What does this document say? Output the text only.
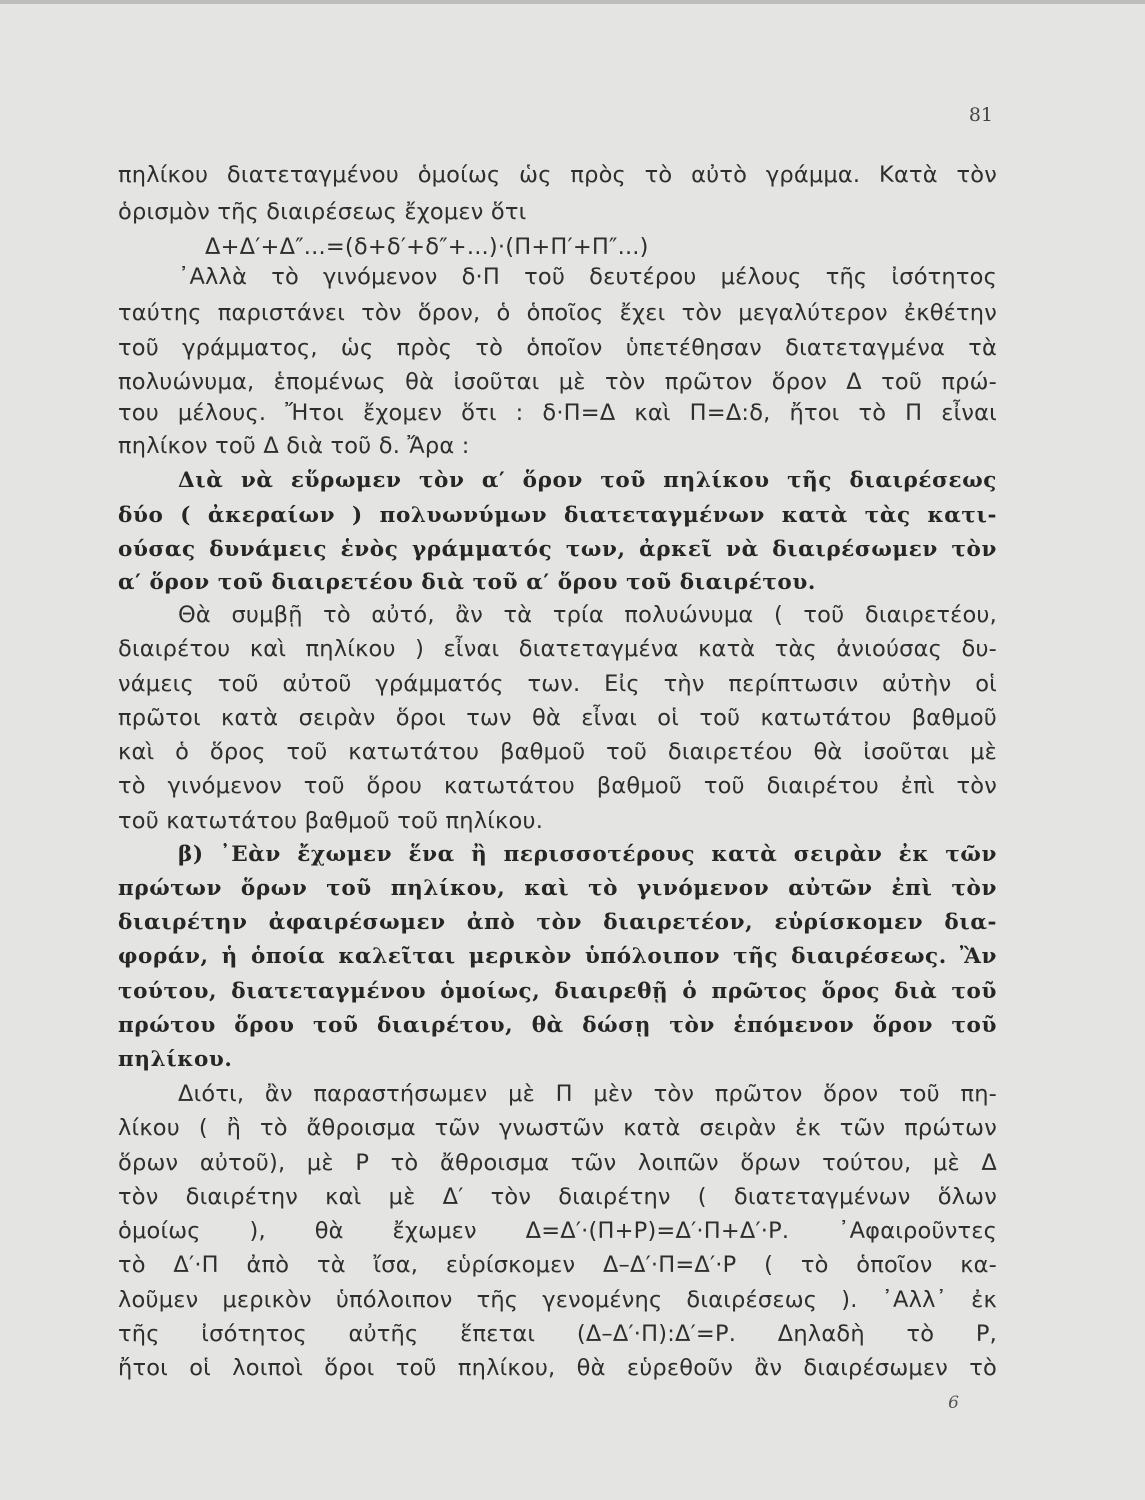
81
πηλίκου διατεταγμένου ὁμοίως ὡς πρὸς τὸ αὐτὸ γράμμα. Κατὰ τὸν
ὁρισμὸν τῆς διαιρέσεως ἔχομεν ὅτι
Δ+Δ′+Δ″...=(δ+δ′+δ″+...)·(Π+Π′+Π″...)
᾿Αλλὰ τὸ γινόμενον δ·Π τοῦ δευτέρου μέλους τῆς ἰσότητος
ταύτης παριστάνει τὸν ὅρον, ὁ ὁποῖος ἔχει τὸν μεγαλύτερον ἐκθέτην
τοῦ γράμματος, ὡς πρὸς τὸ ὁποῖον ὑπετέθησαν διατεταγμένα τὰ
πολυώνυμα, ἑπομένως θὰ ἰσοῦται μὲ τὸν πρῶτον ὅρον Δ τοῦ πρώ-
του μέλους. Ἤτοι ἔχομεν ὅτι : δ·Π=Δ καὶ Π=Δ:δ, ἤτοι τὸ Π εἶναι
πηλίκον τοῦ Δ διὰ τοῦ δ. Ἄρα :
Διὰ νὰ εὕρωμεν τὸν α′ ὅρον τοῦ πηλίκου τῆς διαιρέσεως
δύο ( ἀκεραίων ) πολυωνύμων διατεταγμένων κατὰ τὰς κατι-
ούσας δυνάμεις ἑνὸς γράμματός των, ἀρκεῖ νὰ διαιρέσωμεν τὸν
α′ ὅρον τοῦ διαιρετέου διὰ τοῦ α′ ὅρου τοῦ διαιρέτου.
Θὰ συμβῇ τὸ αὐτό, ἂν τὰ τρία πολυώνυμα ( τοῦ διαιρετέου,
διαιρέτου καὶ πηλίκου ) εἶναι διατεταγμένα κατὰ τὰς ἀνιούσας δυ-
νάμεις τοῦ αὐτοῦ γράμματός των. Εἰς τὴν περίπτωσιν αὐτὴν οἱ
πρῶτοι κατὰ σειρὰν ὅροι των θὰ εἶναι οἱ τοῦ κατωτάτου βαθμοῦ
καὶ ὁ ὅρος τοῦ κατωτάτου βαθμοῦ τοῦ διαιρετέου θὰ ἰσοῦται μὲ
τὸ γινόμενον τοῦ ὅρου κατωτάτου βαθμοῦ τοῦ διαιρέτου ἐπὶ τὸν
τοῦ κατωτάτου βαθμοῦ τοῦ πηλίκου.
β) ᾿Εὰν ἔχωμεν ἕνα ἢ περισσοτέρους κατὰ σειρὰν ἐκ τῶν
πρώτων ὅρων τοῦ πηλίκου, καὶ τὸ γινόμενον αὐτῶν ἐπὶ τὸν
διαιρέτην ἀφαιρέσωμεν ἀπὸ τὸν διαιρετέον, εὑρίσκομεν δια-
φοράν, ἡ ὁποία καλεῖται μερικὸν ὑπόλοιπον τῆς διαιρέσεως. Ἂν
τούτου, διατεταγμένου ὁμοίως, διαιρεθῇ ὁ πρῶτος ὅρος διὰ τοῦ
πρώτου ὅρου τοῦ διαιρέτου, θὰ δώσῃ τὸν ἑπόμενον ὅρον τοῦ
πηλίκου.
Διότι, ἂν παραστήσωμεν μὲ Π μὲν τὸν πρῶτον ὅρον τοῦ πη-
λίκου ( ἢ τὸ ἄθροισμα τῶν γνωστῶν κατὰ σειρὰν ἐκ τῶν πρώτων
ὅρων αὐτοῦ), μὲ Ρ τὸ ἄθροισμα τῶν λοιπῶν ὅρων τούτου, μὲ Δ
τὸν διαιρέτην καὶ μὲ Δ′ τὸν διαιρέτην ( διατεταγμένων ὅλων
ὁμοίως ), θὰ ἔχωμεν Δ=Δ′·(Π+Ρ)=Δ′·Π+Δ′·Ρ. ᾿Αφαιροῦντες
τὸ Δ′·Π ἀπὸ τὰ ἴσα, εὑρίσκομεν Δ–Δ′·Π=Δ′·Ρ ( τὸ ὁποῖον κα-
λοῦμεν μερικὸν ὑπόλοιπον τῆς γενομένης διαιρέσεως ). ᾿Αλλ᾿ ἐκ
τῆς ἰσότητος αὐτῆς ἕπεται (Δ–Δ′·Π):Δ′=Ρ. Δηλαδὴ τὸ Ρ,
ἤτοι οἱ λοιποὶ ὅροι τοῦ πηλίκου, θὰ εὑρεθοῦν ἂν διαιρέσωμεν τὸ
6
